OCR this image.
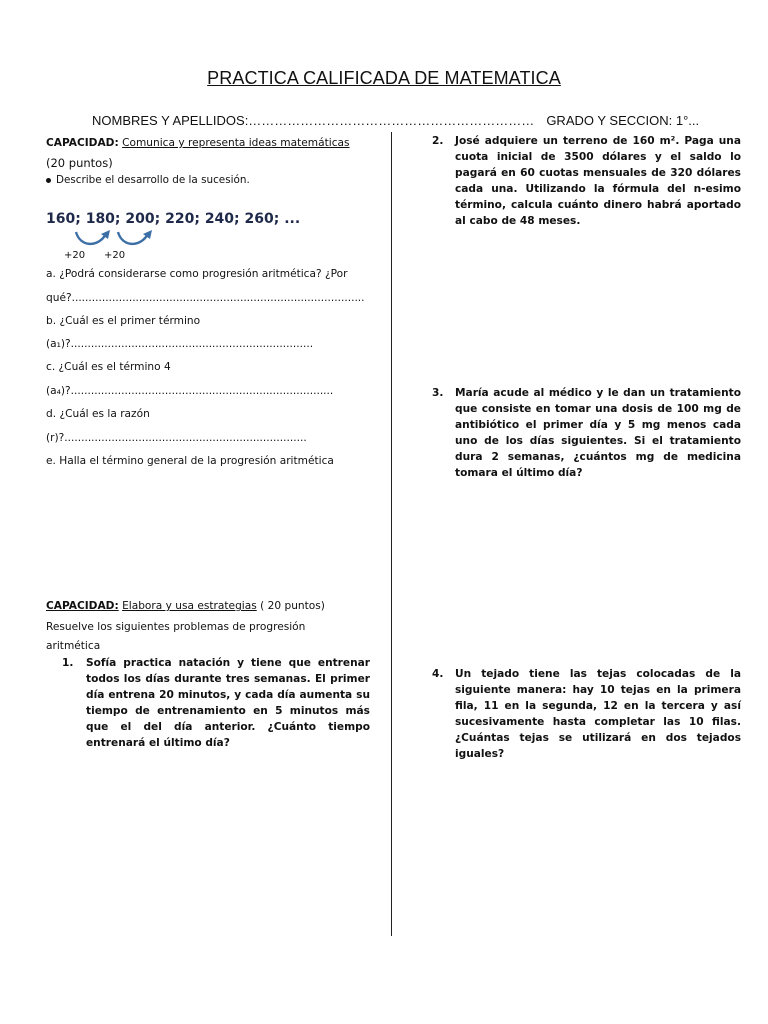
PRACTICA CALIFICADA DE MATEMATICA
NOMBRES Y APELLIDOS:………………………………………………………… GRADO Y SECCION: 1°...
CAPACIDAD: Comunica y representa ideas matemáticas
(20 puntos)
Describe el desarrollo de la sucesión.
160; 180; 200; 220; 240; 260; ...
+20 +20
a. ¿Podrá considerarse como progresión aritmética? ¿Por
qué?.......................................................................................
b. ¿Cuál es el primer término
(a₁)?........................................................................
c. ¿Cuál es el término 4
(a₄)?..............................................................................
d. ¿Cuál es la razón
(r)?........................................................................
e. Halla el término general de la progresión aritmética
CAPACIDAD: Elabora y usa estrategias ( 20 puntos)
Resuelve los siguientes problemas de progresión aritmética
1. Sofía practica natación y tiene que entrenar todos los días durante tres semanas. El primer día entrena 20 minutos, y cada día aumenta su tiempo de entrenamiento en 5 minutos más que el del día anterior. ¿Cuánto tiempo entrenará el último día?
2. José adquiere un terreno de 160 m². Paga una cuota inicial de 3500 dólares y el saldo lo pagará en 60 cuotas mensuales de 320 dólares cada una. Utilizando la fórmula del n-esimo término, calcula cuánto dinero habrá aportado al cabo de 48 meses.
3. María acude al médico y le dan un tratamiento que consiste en tomar una dosis de 100 mg de antibiótico el primer día y 5 mg menos cada uno de los días siguientes. Si el tratamiento dura 2 semanas, ¿cuántos mg de medicina tomara el último día?
4. Un tejado tiene las tejas colocadas de la siguiente manera: hay 10 tejas en la primera fila, 11 en la segunda, 12 en la tercera y así sucesivamente hasta completar las 10 filas. ¿Cuántas tejas se utilizará en dos tejados iguales?
